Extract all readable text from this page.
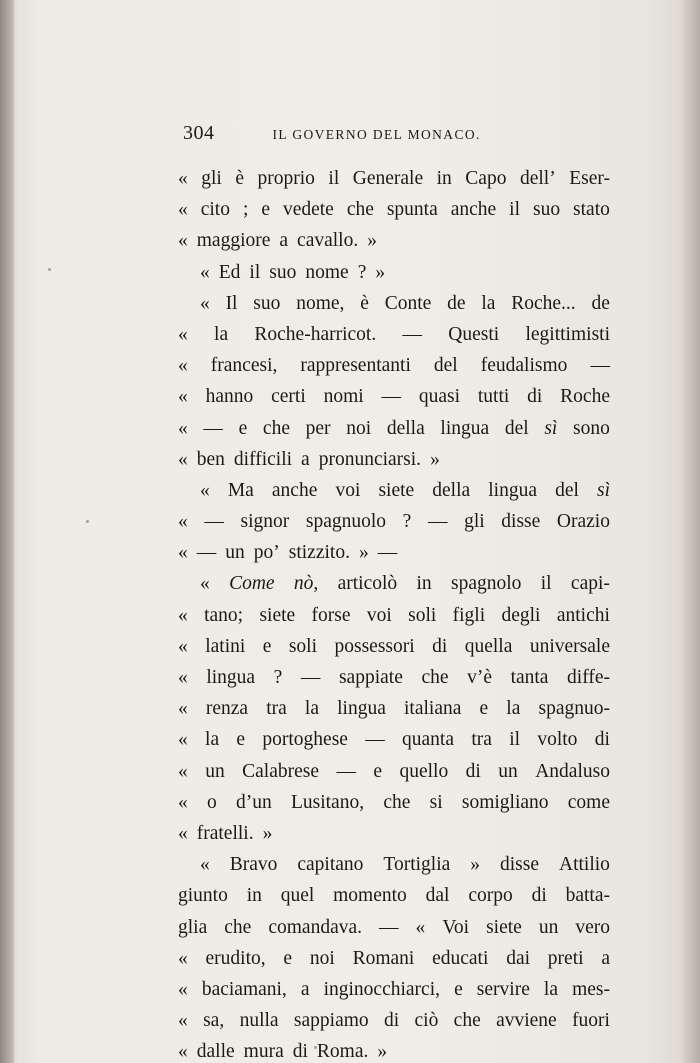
304	IL GOVERNO DEL MONACO.
« gli è proprio il Generale in Capo dell’ Eser-
« cito ; e vedete che spunta anche il suo stato
« maggiore a cavallo. »
« Ed il suo nome ? »
« Il suo nome, è Conte de la Roche... de
« la Roche-harricot. — Questi legittimisti
« francesi, rappresentanti del feudalismo —
« hanno certi nomi — quasi tutti di Roche
« — e che per noi della lingua del sì sono
« ben difficili a pronunciarsi. »
« Ma anche voi siete della lingua del sì
« — signor spagnuolo ? — gli disse Orazio
« — un po’ stizzito. » —
« Come nò, articolò in spagnolo il capi-
« tano; siete forse voi soli figli degli antichi
« latini e soli possessori di quella universale
« lingua ? — sappiate che v’è tanta diffe-
« renza tra la lingua italiana e la spagnuo-
« la e portoghese — quanta tra il volto di
« un Calabrese — e quello di un Andaluso
« o d’un Lusitano, che si somigliano come
« fratelli. »
« Bravo capitano Tortiglia » disse Attilio
giunto in quel momento dal corpo di batta-
glia che comandava. — « Voi siete un vero
« erudito, e noi Romani educati dai preti a
« baciamani, a inginocchiarci, e servire la mes-
« sa, nulla sappiamo di ciò che avviene fuori
« dalle mura di Roma. »
